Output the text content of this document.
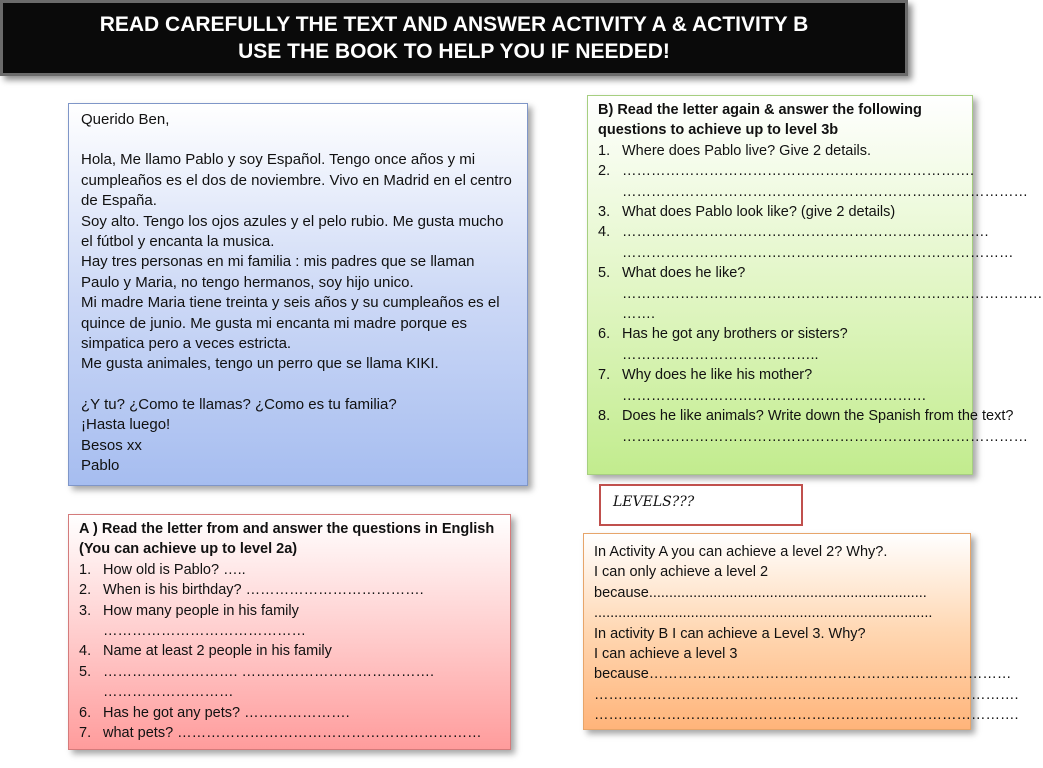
READ CAREFULLY THE TEXT AND ANSWER ACTIVITY A & ACTIVITY B
USE THE BOOK TO HELP YOU IF NEEDED!

Querido Ben,

Hola, Me llamo Pablo y soy Español. Tengo once años y mi cumpleaños es el dos de noviembre. Vivo en Madrid en el centro de España.

Soy alto. Tengo los ojos azules y el pelo rubio. Me gusta mucho el fútbol y encanta la musica.

Hay tres personas en mi familia : mis padres que se llaman Paulo y Maria, no tengo hermanos, soy hijo unico.

Mi madre Maria tiene treinta y seis años y su cumpleaños es el quince de junio. Me gusta mi encanta mi madre porque es simpatica pero a veces estricta.

Me gusta animales, tengo un perro que se llama KIKI.

¿Y tu? ¿Como te llamas? ¿Como es tu familia?

¡Hasta luego!

Besos xx

Pablo

B) Read the letter again & answer the following questions to achieve up to level 3b

1. Where does Pablo live? Give 2 details.
2. ………………………………………………………………. …………………………………………………………………………
3. What does Pablo look like? (give 2 details)
4. …………………………………………………………………. ………………………………………………………………………
5. What does he like? …………………………………………………………………………… …….
6. Has he got any brothers or sisters? …………………………………..
7. Why does he like his mother? ………………………………………………………
8. Does he like animals? Write down the Spanish from the text? …………………………………………………………………………
LEVELS???

A ) Read the letter from and answer the questions in English

(You can achieve up to level 2a)

1. How old is Pablo? …..
2. When is his birthday? ……………………………….
3. How many people in his family ……………………………………
4. Name at least 2 people in his family
5. ………………………. …………………………………. ………………………
6. Has he got any pets? ………………….
7. what pets? ………………………………………………………

In Activity A you can achieve a level 2? Why?.

I can only achieve a level 2

because.....................................................................

....................................................................................

In activity B I can achieve a Level 3. Why?

I can achieve a level 3

because…………………………………………………………………

…………………………………………………………………………….

…………………………………………………………………………….
